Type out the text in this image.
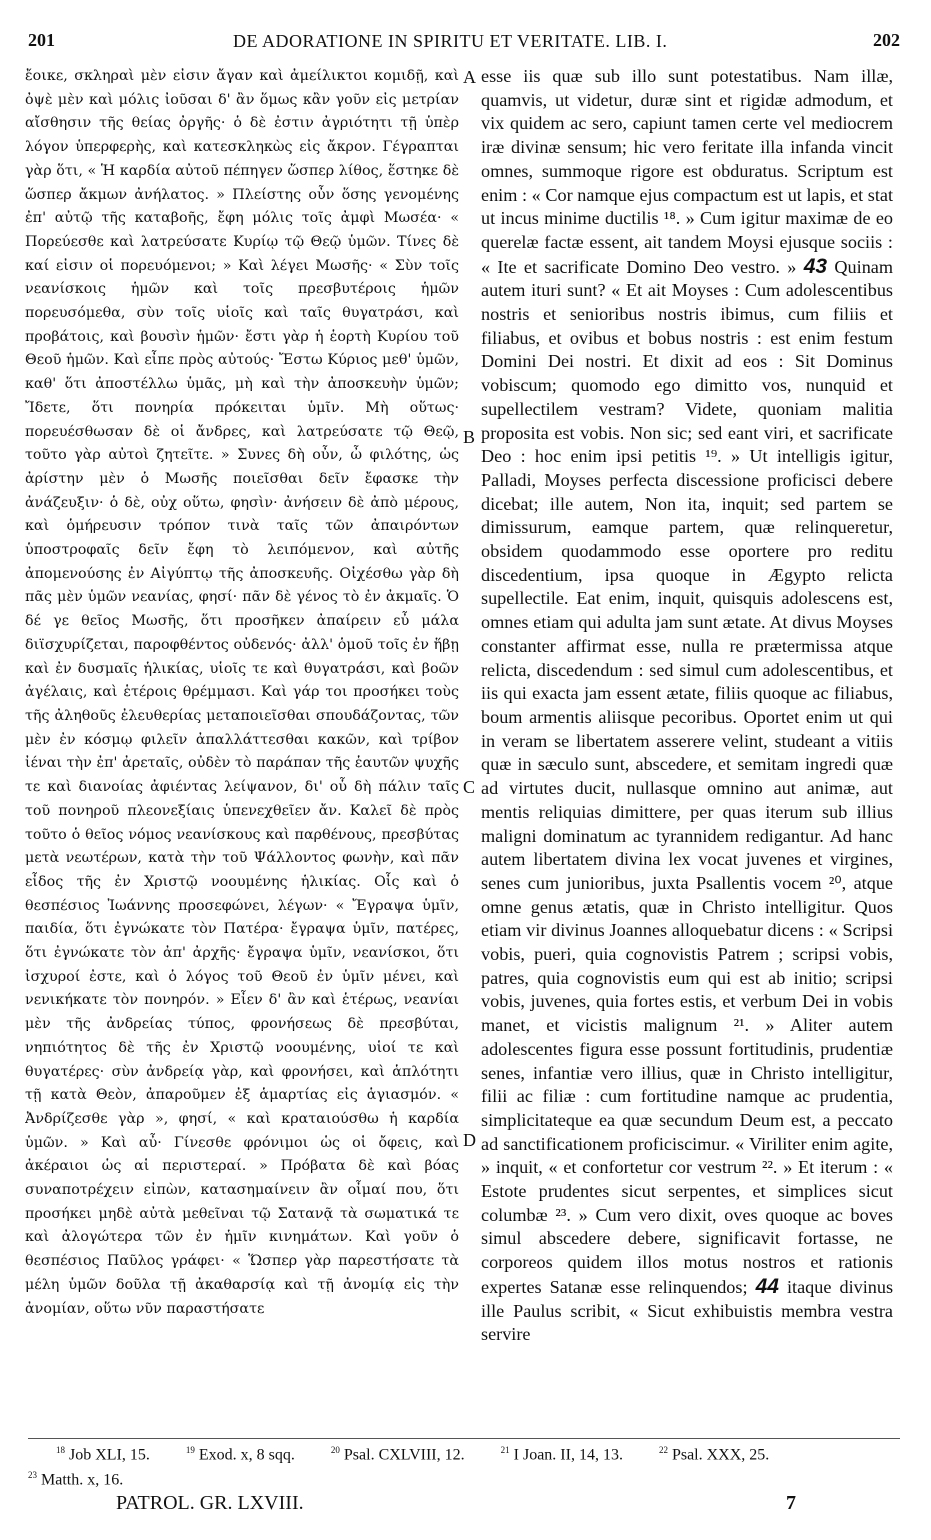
201	DE ADORATIONE IN SPIRITU ET VERITATE. LIB. I.	202

ἔοικε, σκληραὶ μὲν εἰσιν ἄγαν καὶ ἀμείλικτοι κομιδῇ, καὶ ὀψὲ μὲν καὶ μόλις ἰοῦσαι δ' ἂν ὅμως κἂν γοῦν εἰς μετρίαν αἴσθησιν τῆς θείας ὀργῆς· ὁ δὲ ἐστιν ἀγριότητι τῇ ὑπὲρ λόγον ὑπερφερὴς, καὶ κατεσκληκὼς εἰς ἄκρον. Γέγραπται γὰρ ὅτι, « Ἡ καρδία αὐτοῦ πέπηγεν ὥσπερ λίθος, ἕστηκε δὲ ὥσπερ ἄκμων ἀνήλατος. » Πλείστης οὖν ὅσης γενομένης ἐπ' αὐτῷ τῆς καταβοῆς, ἔφη μόλις τοῖς ἀμφὶ Μωσέα· « Πορεύεσθε καὶ λατρεύσατε Κυρίῳ τῷ Θεῷ ὑμῶν. Τίνες δὲ καί εἰσιν οἱ πορευόμενοι; » Καὶ λέγει Μωσῆς· « Σὺν τοῖς νεανίσκοις ἡμῶν καὶ τοῖς πρεσβυτέροις ἡμῶν πορευσόμεθα, σὺν τοῖς υἱοῖς καὶ ταῖς θυγατράσι, καὶ προβάτοις, καὶ βουσὶν ἡμῶν· ἔστι γὰρ ἡ ἑορτὴ Κυρίου τοῦ Θεοῦ ἡμῶν. Καὶ εἶπε πρὸς αὐτούς· Ἔστω Κύριος μεθ' ὑμῶν, καθ' ὅτι ἀποστέλλω ὑμᾶς, μὴ καὶ τὴν ἀποσκευὴν ὑμῶν; Ἴδετε, ὅτι πονηρία πρόκειται ὑμῖν. Μὴ οὕτως· πορευέσθωσαν δὲ οἱ ἄνδρες, καὶ λατρεύσατε τῷ Θεῷ, τοῦτο γὰρ αὐτοὶ ζητεῖτε. » Συνες δὴ οὖν, ὦ φιλότης, ὡς ἀρίστην μὲν ὁ Μωσῆς ποιεῖσθαι δεῖν ἔφασκε τὴν ἀνάζευξιν· ὁ δὲ, οὐχ οὕτω, φησὶν· ἀνήσειν δὲ ἀπὸ μέρους, καὶ ὁμήρευσιν τρόπον τινὰ ταῖς τῶν ἀπαιρόντων ὑποστροφαῖς δεῖν ἔφη τὸ λειπόμενον, καὶ αὐτῆς ἀπομενούσης ἐν Αἰγύπτῳ τῆς ἀποσκευῆς. Οἰχέσθω γὰρ δὴ πᾶς μὲν ὑμῶν νεανίας, φησί· πᾶν δὲ γένος τὸ ἐν ἀκμαῖς. Ὁ δέ γε θεῖος Μωσῆς, ὅτι προσῆκεν ἀπαίρειν εὖ μάλα διϊσχυρίζεται, παροφθέντος οὐδενός· ἀλλ' ὁμοῦ τοῖς ἐν ἥβῃ καὶ ἐν δυσμαῖς ἡλικίας, υἱοῖς τε καὶ θυγατράσι, καὶ βοῶν ἀγέλαις, καὶ ἑτέροις θρέμμασι. Καὶ γάρ τοι προσήκει τοὺς τῆς ἀληθοῦς ἐλευθερίας μεταποιεῖσθαι σπουδάζοντας, τῶν μὲν ἐν κόσμῳ φιλεῖν ἀπαλλάττεσθαι κακῶν, καὶ τρίβον ἰέναι τὴν ἐπ' ἀρεταῖς, οὐδὲν τὸ παράπαν τῆς ἑαυτῶν ψυχῆς τε καὶ διανοίας ἀφιέντας λείψανον, δι' οὗ δὴ πάλιν ταῖς τοῦ πονηροῦ πλεονεξίαις ὑπενεχθεῖεν ἄν. Καλεῖ δὲ πρὸς τοῦτο ὁ θεῖος νόμος νεανίσκους καὶ παρθένους, πρεσβύτας μετὰ νεωτέρων, κατὰ τὴν τοῦ Ψάλλοντος φωνὴν, καὶ πᾶν εἶδος τῆς ἐν Χριστῷ νοουμένης ἡλικίας. Οἷς καὶ ὁ θεσπέσιος Ἰωάννης προσεφώνει, λέγων· « Ἔγραψα ὑμῖν, παιδία, ὅτι ἐγνώκατε τὸν Πατέρα· ἔγραψα ὑμῖν, πατέρες, ὅτι ἐγνώκατε τὸν ἀπ' ἀρχῆς· ἔγραψα ὑμῖν, νεανίσκοι, ὅτι ἰσχυροί ἐστε, καὶ ὁ λόγος τοῦ Θεοῦ ἐν ὑμῖν μένει, καὶ νενικήκατε τὸν πονηρόν. » Εἶεν δ' ἂν καὶ ἑτέρως, νεανίαι μὲν τῆς ἀνδρείας τύπος, φρονήσεως δὲ πρεσβύται, νηπιότητος δὲ τῆς ἐν Χριστῷ νοουμένης, υἱοί τε καὶ θυγατέρες· σὺν ἀνδρείᾳ γὰρ, καὶ φρονήσει, καὶ ἁπλότητι τῇ κατὰ Θεὸν, ἀπαροῦμεν ἐξ ἁμαρτίας εἰς ἁγιασμόν. « Ἀνδρίζεσθε γὰρ », φησί, « καὶ κραταιούσθω ἡ καρδία ὑμῶν. » Καὶ αὖ· Γίνεσθε φρόνιμοι ὡς οἱ ὄφεις, καὶ ἀκέραιοι ὡς αἱ περιστεραί. » Πρόβατα δὲ καὶ βόας συναποτρέχειν εἰπὼν, κατασημαίνειν ἂν οἶμαί που, ὅτι προσήκει μηδὲ αὐτὰ μεθεῖναι τῷ Σατανᾷ τὰ σωματικά τε καὶ ἀλογώτερα τῶν ἐν ἡμῖν κινημάτων. Καὶ γοῦν ὁ θεσπέσιος Παῦλος γράφει· « Ὥσπερ γὰρ παρεστήσατε τὰ μέλη ὑμῶν δοῦλα τῇ ἀκαθαρσίᾳ καὶ τῇ ἀνομίᾳ εἰς τὴν ἀνομίαν, οὕτω νῦν παραστήσατε

A
B
C
D

esse iis quæ sub illo sunt potestatibus. Nam illæ, quamvis, ut videtur, duræ sint et rigidæ admodum, et vix quidem ac sero, capiunt tamen certe vel mediocrem iræ divinæ sensum; hic vero feritate illa infanda vincit omnes, summoque rigore est obduratus. Scriptum est enim : « Cor namque ejus compactum est ut lapis, et stat ut incus minime ductilis ¹⁸. » Cum igitur maximæ de eo querelæ factæ essent, ait tandem Moysi ejusque sociis : « Ite et sacrificate Domino Deo vestro. » 43 Quinam autem ituri sunt? « Et ait Moyses : Cum adolescentibus nostris et senioribus nostris ibimus, cum filiis et filiabus, et ovibus et bobus nostris : est enim festum Domini Dei nostri. Et dixit ad eos : Sit Dominus vobiscum; quomodo ego dimitto vos, nunquid et supellectilem vestram? Videte, quoniam malitia proposita est vobis. Non sic; sed eant viri, et sacrificate Deo : hoc enim ipsi petitis ¹⁹. » Ut intelligis igitur, Palladi, Moyses perfecta discessione proficisci debere dicebat; ille autem, Non ita, inquit; sed partem se dimissurum, eamque partem, quæ relinqueretur, obsidem quodammodo esse oportere pro reditu discedentium, ipsa quoque in Ægypto relicta supellectile. Eat enim, inquit, quisquis adolescens est, omnes etiam qui adulta jam sunt ætate. At divus Moyses constanter affirmat esse, nulla re prætermissa atque relicta, discedendum : sed simul cum adolescentibus, et iis qui exacta jam essent ætate, filiis quoque ac filiabus, boum armentis aliisque pecoribus. Oportet enim ut qui in veram se libertatem asserere velint, studeant a vitiis quæ in sæculo sunt, abscedere, et semitam ingredi quæ ad virtutes ducit, nullasque omnino aut animæ, aut mentis reliquias dimittere, per quas iterum sub illius maligni dominatum ac tyrannidem redigantur. Ad hanc autem libertatem divina lex vocat juvenes et virgines, senes cum junioribus, juxta Psallentis vocem ²⁰, atque omne genus ætatis, quæ in Christo intelligitur. Quos etiam vir divinus Joannes alloquebatur dicens : « Scripsi vobis, pueri, quia cognovistis Patrem ; scripsi vobis, patres, quia cognovistis eum qui est ab initio; scripsi vobis, juvenes, quia fortes estis, et verbum Dei in vobis manet, et vicistis malignum ²¹. » Aliter autem adolescentes figura esse possunt fortitudinis, prudentiæ senes, infantiæ vero illius, quæ in Christo intelligitur, filii ac filiæ : cum fortitudine namque ac prudentia, simplicitateque ea quæ secundum Deum est, a peccato ad sanctificationem proficiscimur. « Viriliter enim agite, » inquit, « et confortetur cor vestrum ²². » Et iterum : « Estote prudentes sicut serpentes, et simplices sicut columbæ ²³. » Cum vero dixit, oves quoque ac boves simul abscedere debere, significavit fortasse, ne corporeos quidem illos motus nostros et rationis expertes Satanæ esse relinquendos; 44 itaque divinus ille Paulus scribit, « Sicut exhibuistis membra vestra servire

$^{18}$ Job XLI, 15.	$^{19}$ Exod. x, 8 sqq.	$^{20}$ Psal. CXLVIII, 12.	$^{21}$ I Joan. II, 14, 13.	$^{22}$ Psal. XXX, 25.
$^{23}$ Matth. x, 16.
PATROL. GR. LXVIII.	7
